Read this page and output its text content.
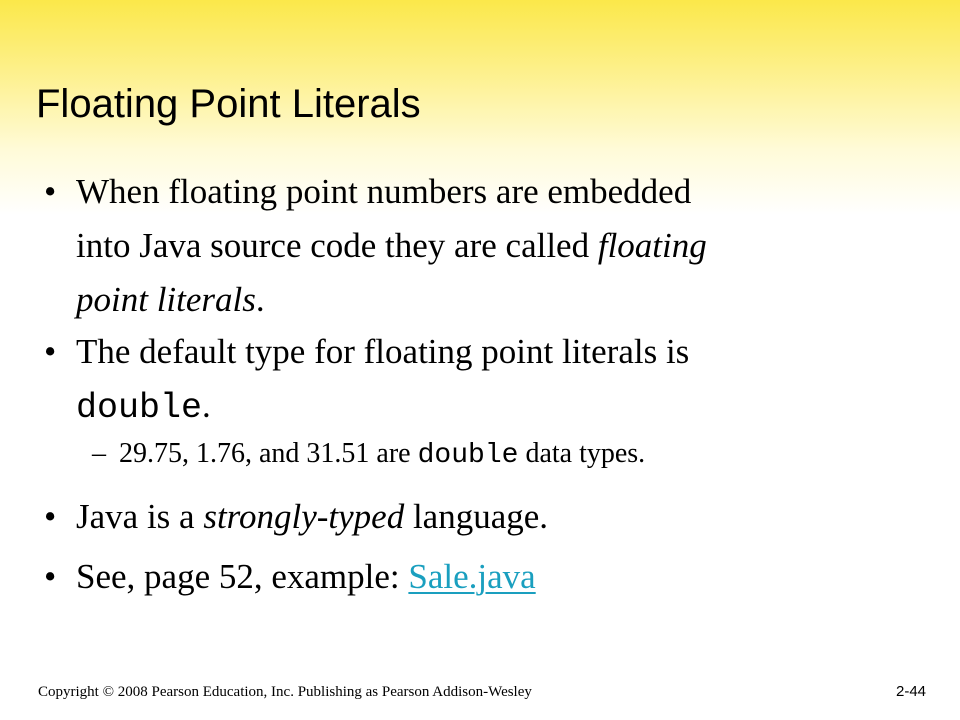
Floating Point Literals
• When floating point numbers are embedded
into Java source code they are called floating
point literals.
• The default type for floating point literals is
double.
– 29.75, 1.76, and 31.51 are double data types.
• Java is a strongly-typed language.
• See, page 52, example: Sale.java
Copyright © 2008 Pearson Education, Inc. Publishing as Pearson Addison-Wesley	2-44
